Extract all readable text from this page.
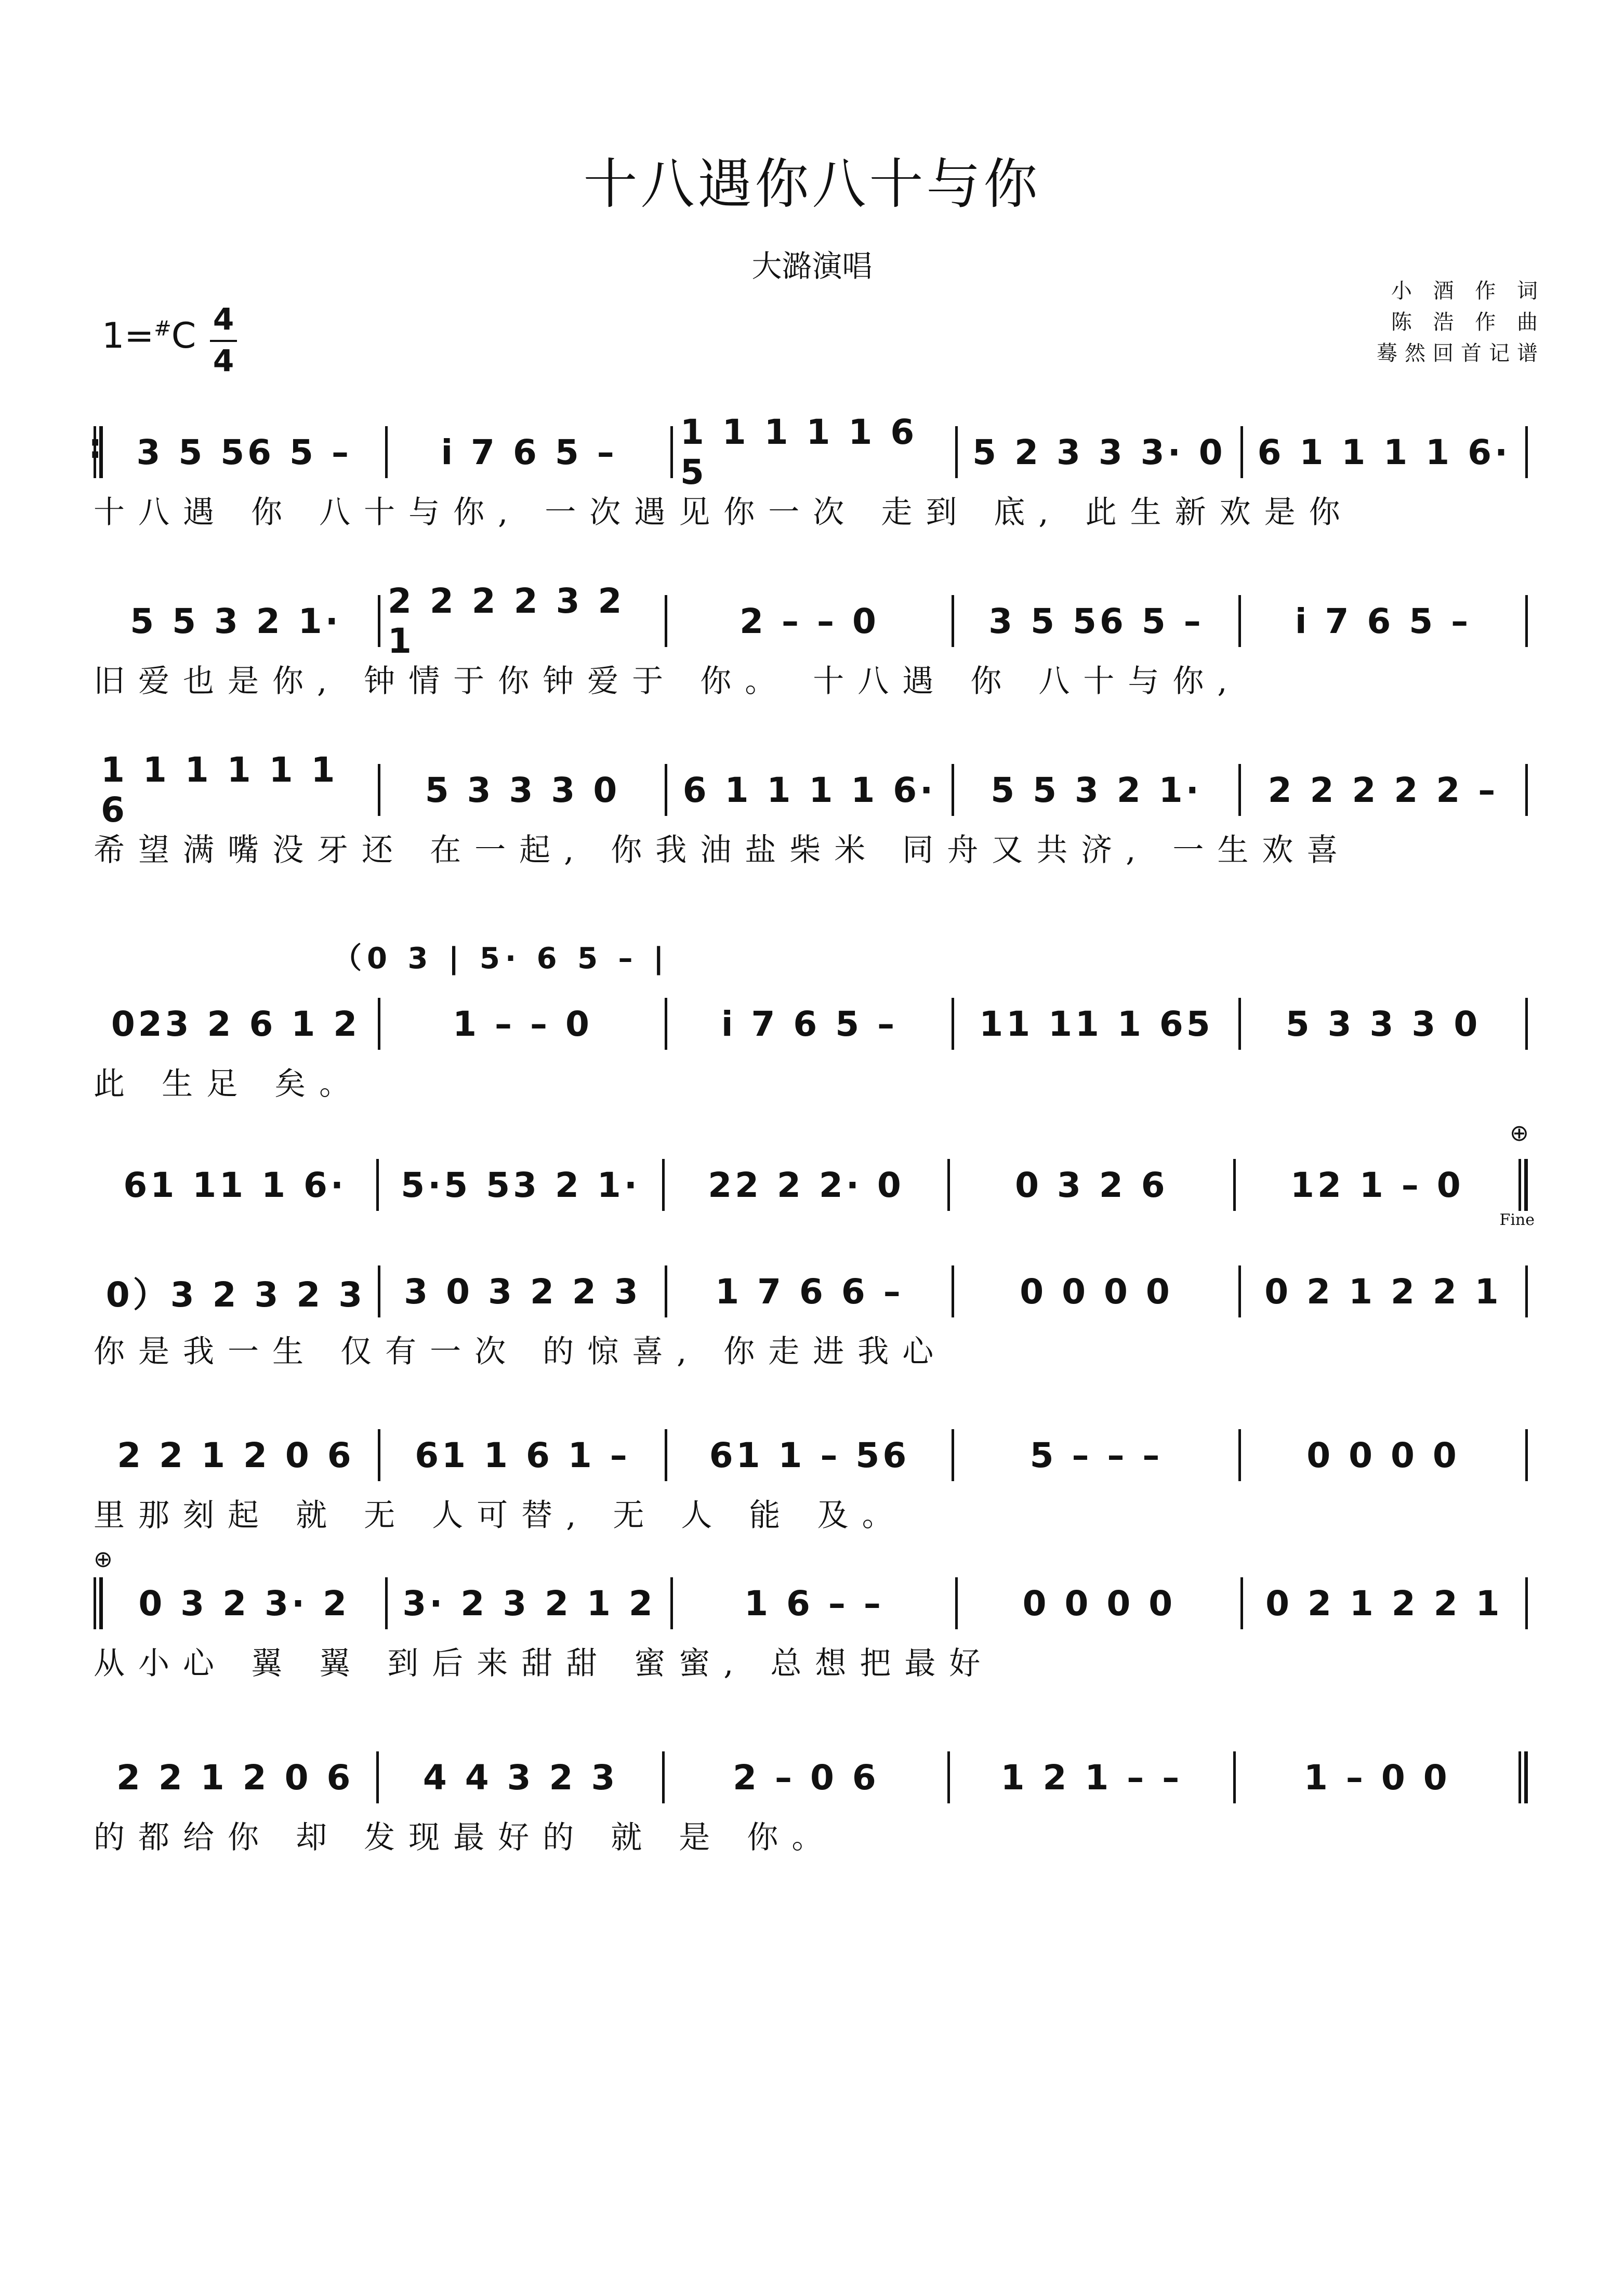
十八遇你八十与你
大潞演唱
小 酒 作 词
陈 浩 作 曲
蓦然回首记谱
1=#C 4
4
:
3 5 56 5 –	i 7 6 5 –	1 1 1 1 1 6 5	5 2 3 3 3· 0 6 1 1 1 1 6·
十八遇 你 八十与你, 一次遇见你一次 走到 底, 此生新欢是你
5 5 3 2 1·	2 2 2 2 3 2 1	2 – – 0	3 5 56 5 –	i 7 6 5 –
旧爱也是你, 钟情于你钟爱于 你。 十八遇 你 八十与你,
1 1 1 1 1 1 6	5 3 3 3 0	6 1 1 1 1 6·	5 5 3 2 1·	2 2 2 2 2 –
希望满嘴没牙还 在一起, 你我油盐柴米 同舟又共济, 一生欢喜
（0 3 | 5· 6 5 – |
023 2 6 1 2	1 – – 0	i 7 6 5 –	11 11 1 65	5 3 3 3 0
此 生足 矣。
⊕
61 11 1 6·	5·5 53 2 1·	22 2 2· 0	0 3 2 6	12 1 – 0
Fine
0）3 2 3 2 3	3 0 3 2 2 3	1 7 6 6 –	0 0 0 0	0 2 1 2 2 1
你是我一生 仅有一次 的惊喜, 你走进我心
2 2 1 2 0 6	61 1 6 1 –	61 1 – 56	5 – – –	0 0 0 0
里那刻起 就 无 人可替, 无 人 能 及。
⊕
0 3 2 3· 2	3· 2 3 2 1 2	1 6 – –	0 0 0 0	0 2 1 2 2 1
从小心 翼 翼 到后来甜甜 蜜蜜, 总想把最好
2 2 1 2 0 6	4 4 3 2 3	2 – 0 6	1 2 1 – –	1 – 0 0
的都给你 却 发现最好的 就 是 你。
